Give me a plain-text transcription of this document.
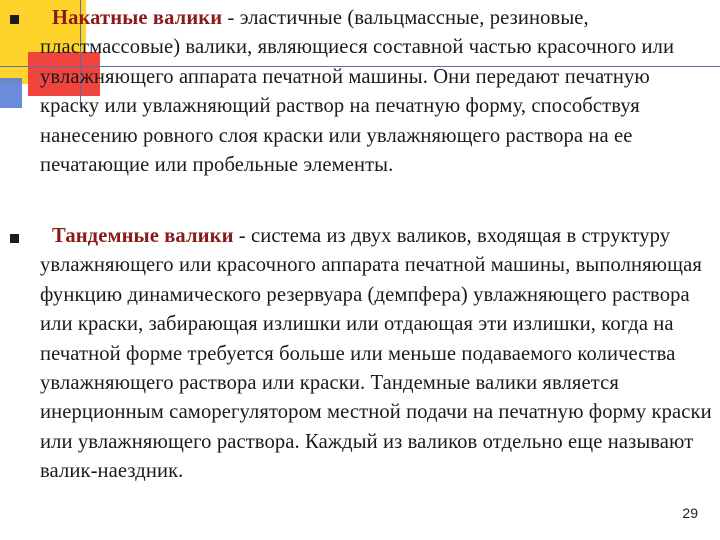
Накатные валики - эластичные (вальцмассные, резиновые, пластмассовые) валики, являющиеся составной частью красочного или увлажняющего аппарата печатной машины. Они передают печатную краску или увлажняющий раствор на печатную форму, способствуя нанесению ровного слоя краски или увлажняющего раствора на ее печатающие или пробельные элементы.

Тандемные валики - система из двух валиков, входящая в структуру увлажняющего или красочного аппарата печатной машины, выполняющая функцию динамического резервуара (демпфера) увлажняющего раствора или краски, забирающая излишки или отдающая эти излишки, когда на печатной форме требуется больше или меньше подаваемого количества увлажняющего раствора или краски. Тандемные валики является инерционным саморегулятором местной подачи на печатную форму краски или увлажняющего раствора. Каждый из валиков отдельно еще называют валик-наездник.

29
